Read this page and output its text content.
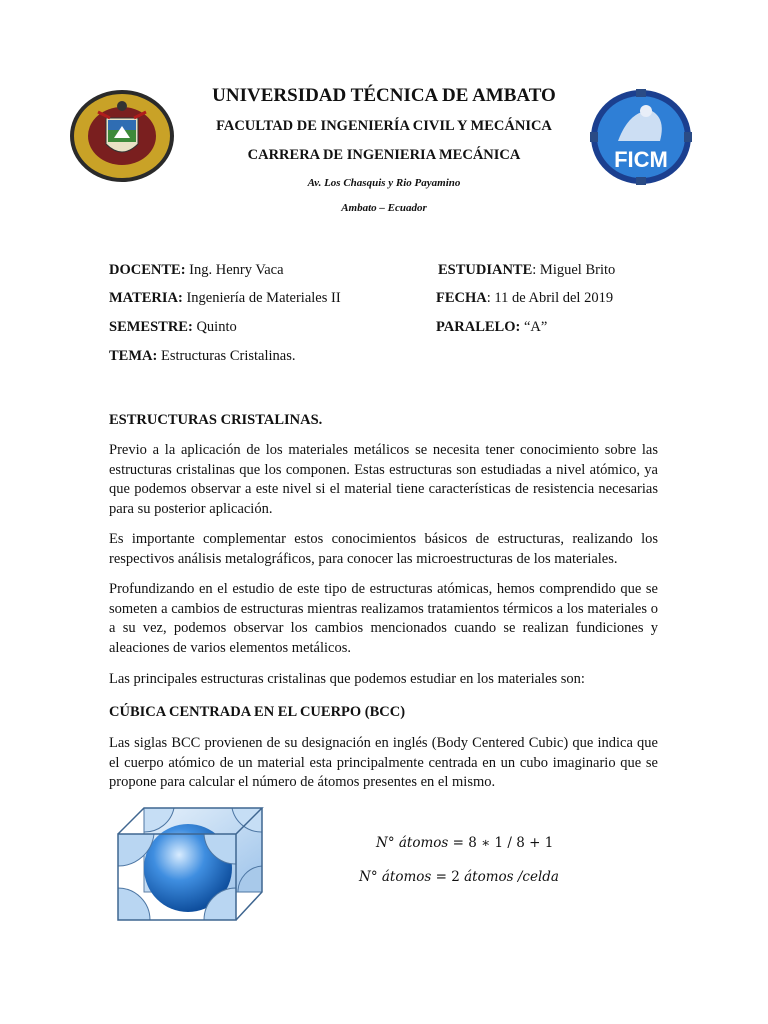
UNIVERSIDAD TÉCNICA DE AMBATO
FACULTAD DE INGENIERÍA CIVIL Y MECÁNICA
CARRERA DE INGENIERIA MECÁNICA
Av. Los Chasquis y Rio Payamino
Ambato – Ecuador
FICM
DOCENTE: Ing. Henry Vaca	ESTUDIANTE: Miguel Brito
MATERIA: Ingeniería de Materiales II	FECHA: 11 de Abril del 2019
SEMESTRE: Quinto	PARALELO: “A”
TEMA: Estructuras Cristalinas.
ESTRUCTURAS CRISTALINAS.
Previo a la aplicación de los materiales metálicos se necesita tener conocimiento sobre las estructuras cristalinas que los componen. Estas estructuras son estudiadas a nivel atómico, ya que podemos observar a este nivel si el material tiene características de resistencia necesarias para su posterior aplicación.
Es importante complementar estos conocimientos básicos de estructuras, realizando los respectivos análisis metalográficos, para conocer las microestructuras de los materiales.
Profundizando en el estudio de este tipo de estructuras atómicas, hemos comprendido que se someten a cambios de estructuras mientras realizamos tratamientos térmicos a los materiales o a su vez, podemos observar los cambios mencionados cuando se realizan fundiciones y aleaciones de varios elementos metálicos.
Las principales estructuras cristalinas que podemos estudiar en los materiales son:
CÚBICA CENTRADA EN EL CUERPO (BCC)
Las siglas BCC provienen de su designación en inglés (Body Centered Cubic) que indica que el cuerpo atómico de un material esta principalmente centrada en un cubo imaginario que se propone para calcular el número de átomos presentes en el mismo.
N° átomos = 8 ∗ 1 / 8 + 1
N° átomos = 2 átomos /celda
